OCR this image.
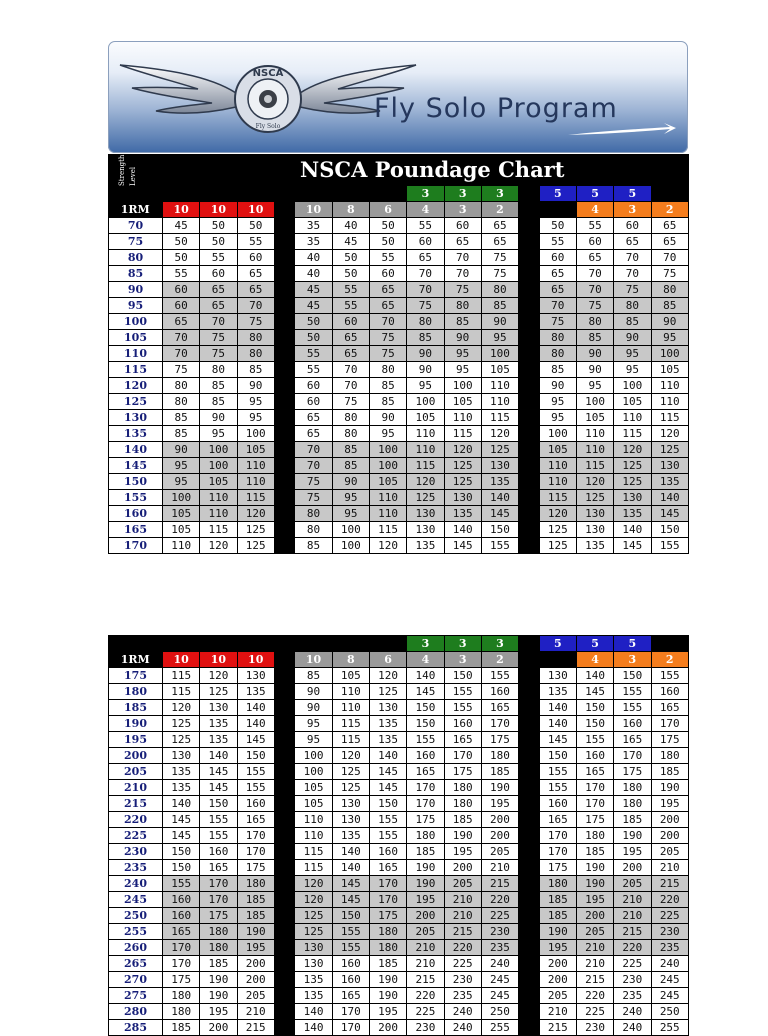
NSCA
Fly Solo
Fly Solo Program
Strength Level	NSCA Poundage Chart
								3	3	3		5	5	5	
1RM	10	10	10		10	8	6	4	3	2			4	3	2
70	45	50	50		35	40	50	55	60	65		50	55	60	65
75	50	50	55		35	45	50	60	65	65		55	60	65	65
80	50	55	60		40	50	55	65	70	75		60	65	70	70
85	55	60	65		40	50	60	70	70	75		65	70	70	75
90	60	65	65		45	55	65	70	75	80		65	70	75	80
95	60	65	70		45	55	65	75	80	85		70	75	80	85
100	65	70	75		50	60	70	80	85	90		75	80	85	90
105	70	75	80		50	65	75	85	90	95		80	85	90	95
110	70	75	80		55	65	75	90	95	100		80	90	95	100
115	75	80	85		55	70	80	90	95	105		85	90	95	105
120	80	85	90		60	70	85	95	100	110		90	95	100	110
125	80	85	95		60	75	85	100	105	110		95	100	105	110
130	85	90	95		65	80	90	105	110	115		95	105	110	115
135	85	95	100		65	80	95	110	115	120		100	110	115	120
140	90	100	105		70	85	100	110	120	125		105	110	120	125
145	95	100	110		70	85	100	115	125	130		110	115	125	130
150	95	105	110		75	90	105	120	125	135		110	120	125	135
155	100	110	115		75	95	110	125	130	140		115	125	130	140
160	105	110	120		80	95	110	130	135	145		120	130	135	145
165	105	115	125		80	100	115	130	140	150		125	130	140	150
170	110	120	125		85	100	120	135	145	155		125	135	145	155
								3	3	3		5	5	5	
1RM	10	10	10		10	8	6	4	3	2			4	3	2
175	115	120	130		85	105	120	140	150	155		130	140	150	155
180	115	125	135		90	110	125	145	155	160		135	145	155	160
185	120	130	140		90	110	130	150	155	165		140	150	155	165
190	125	135	140		95	115	135	150	160	170		140	150	160	170
195	125	135	145		95	115	135	155	165	175		145	155	165	175
200	130	140	150		100	120	140	160	170	180		150	160	170	180
205	135	145	155		100	125	145	165	175	185		155	165	175	185
210	135	145	155		105	125	145	170	180	190		155	170	180	190
215	140	150	160		105	130	150	170	180	195		160	170	180	195
220	145	155	165		110	130	155	175	185	200		165	175	185	200
225	145	155	170		110	135	155	180	190	200		170	180	190	200
230	150	160	170		115	140	160	185	195	205		170	185	195	205
235	150	165	175		115	140	165	190	200	210		175	190	200	210
240	155	170	180		120	145	170	190	205	215		180	190	205	215
245	160	170	185		120	145	170	195	210	220		185	195	210	220
250	160	175	185		125	150	175	200	210	225		185	200	210	225
255	165	180	190		125	155	180	205	215	230		190	205	215	230
260	170	180	195		130	155	180	210	220	235		195	210	220	235
265	170	185	200		130	160	185	210	225	240		200	210	225	240
270	175	190	200		135	160	190	215	230	245		200	215	230	245
275	180	190	205		135	165	190	220	235	245		205	220	235	245
280	180	195	210		140	170	195	225	240	250		210	225	240	250
285	185	200	215		140	170	200	230	240	255		215	230	240	255
